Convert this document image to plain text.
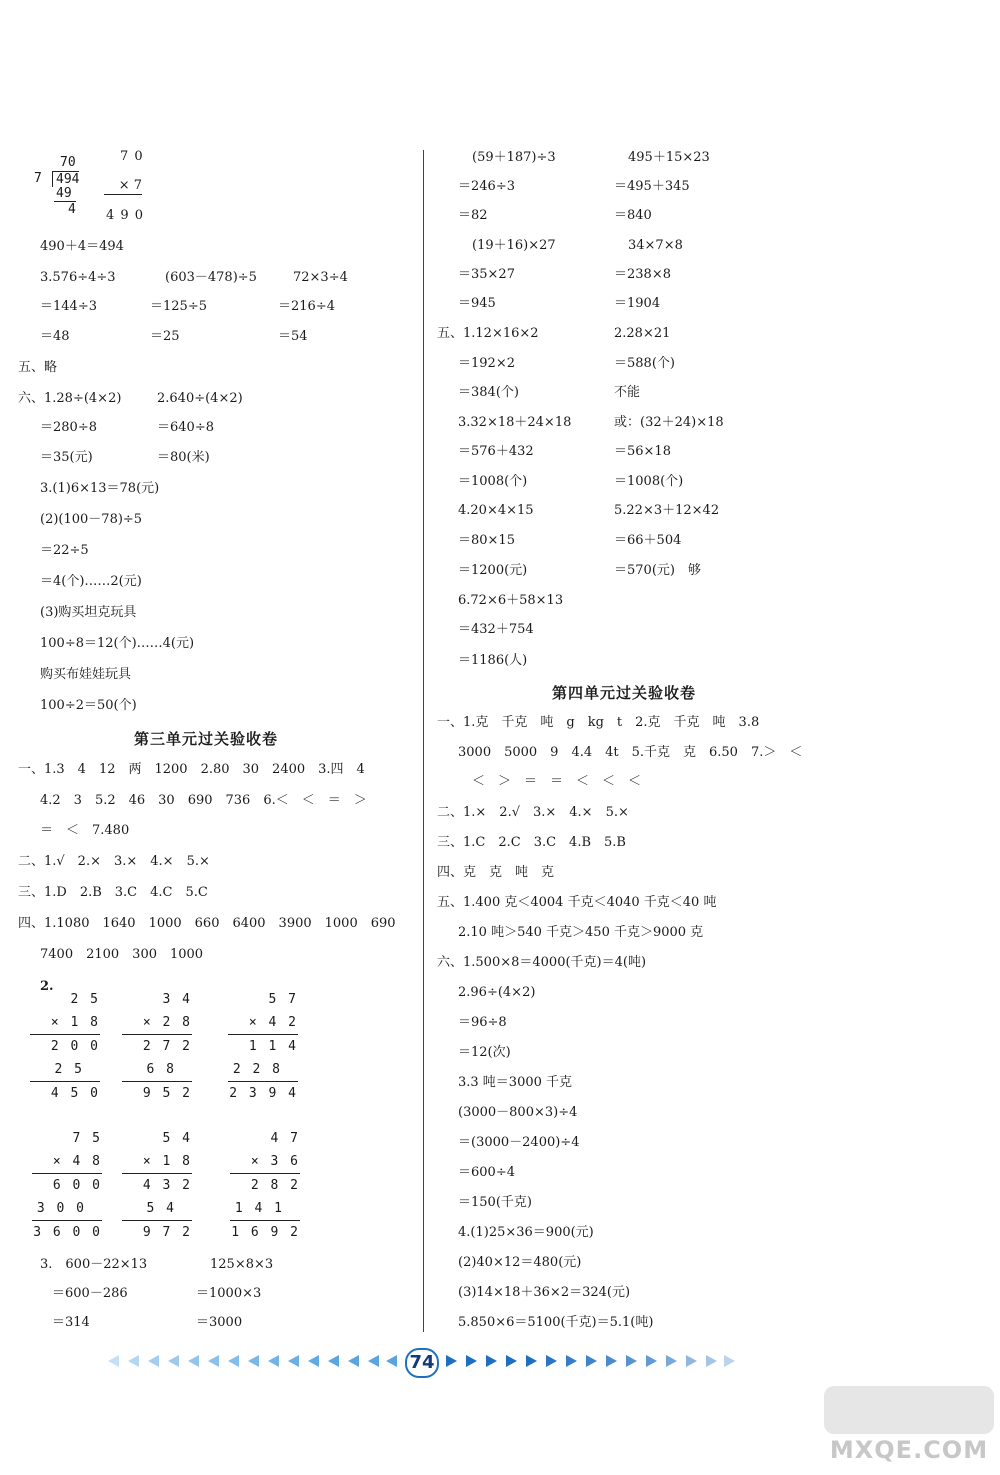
70
7	494
49
4
7 0
× 7
4 9 0
490＋4＝494
3.576÷4÷3
＝144÷3
＝48
五、略
六、1.28÷(4×2)
＝280÷8
＝35(元)
3.(1)6×13＝78(元)
(2)(100－78)÷5
＝22÷5
＝4(个)……2(元)
(3)购买坦克玩具
100÷8＝12(个)……4(元)
购买布娃娃玩具
100÷2＝50(个)
(603－478)÷5
＝125÷5
＝25
2.640÷(4×2)
＝640÷8
＝80(米)
72×3÷4
＝216÷4
＝54
第三单元过关验收卷
一、1.3　4　12　两　1200　2.80　30　2400　3.四　4
4.2　3　5.2　46　30　690　736　6.＜　＜　＝　＞
＝　＜　7.480
二、1.√　2.×　3.×　4.×　5.×
三、1.D　2.B　3.C　4.C　5.C
四、1.1080　1640　1000　660　6400　3900　1000　690
7400　2100　300　1000
2.
2 5
× 1 8
2 0 0
2 5
4 5 0
3 4
× 2 8
2 7 2
6 8
9 5 2
5 7
× 4 2
1 1 4
2 2 8
2 3 9 4
7 5
× 4 8
6 0 0
3 0 0
3 6 0 0
5 4
× 1 8
4 3 2
5 4
9 7 2
4 7
× 3 6
2 8 2
1 4 1
1 6 9 2
3.　600－22×13
＝600－286
＝314
125×8×3
＝1000×3
＝3000
(59＋187)÷3
＝246÷3
＝82
(19＋16)×27
＝35×27
＝945
五、1.12×16×2
＝192×2
＝384(个)
3.32×18＋24×18
＝576＋432
＝1008(个)
4.20×4×15
＝80×15
＝1200(元)
6.72×6＋58×13
＝432＋754
＝1186(人)
495＋15×23
＝495＋345
＝840
34×7×8
＝238×8
＝1904
2.28×21
＝588(个)
不能
或：(32＋24)×18
＝56×18
＝1008(个)
5.22×3＋12×42
＝66＋504
＝570(元)　够
第四单元过关验收卷
一、1.克　千克　吨　g　kg　t　2.克　千克　吨　3.8
3000　5000　9　4.4　4t　5.千克　克　6.50　7.＞　＜
＜　＞　＝　＝　＜　＜　＜
二、1.×　2.√　3.×　4.×　5.×
三、1.C　2.C　3.C　4.B　5.B
四、克　克　吨　克
五、1.400 克＜4004 千克＜4040 千克＜40 吨
2.10 吨＞540 千克＞450 千克＞9000 克
六、1.500×8＝4000(千克)＝4(吨)
2.96÷(4×2)
＝96÷8
＝12(次)
3.3 吨＝3000 千克
(3000－800×3)÷4
＝(3000－2400)÷4
＝600÷4
＝150(千克)
4.(1)25×36＝900(元)
(2)40×12＝480(元)
(3)14×18＋36×2＝324(元)
5.850×6＝5100(千克)＝5.1(吨)
74
MXQE.COM
